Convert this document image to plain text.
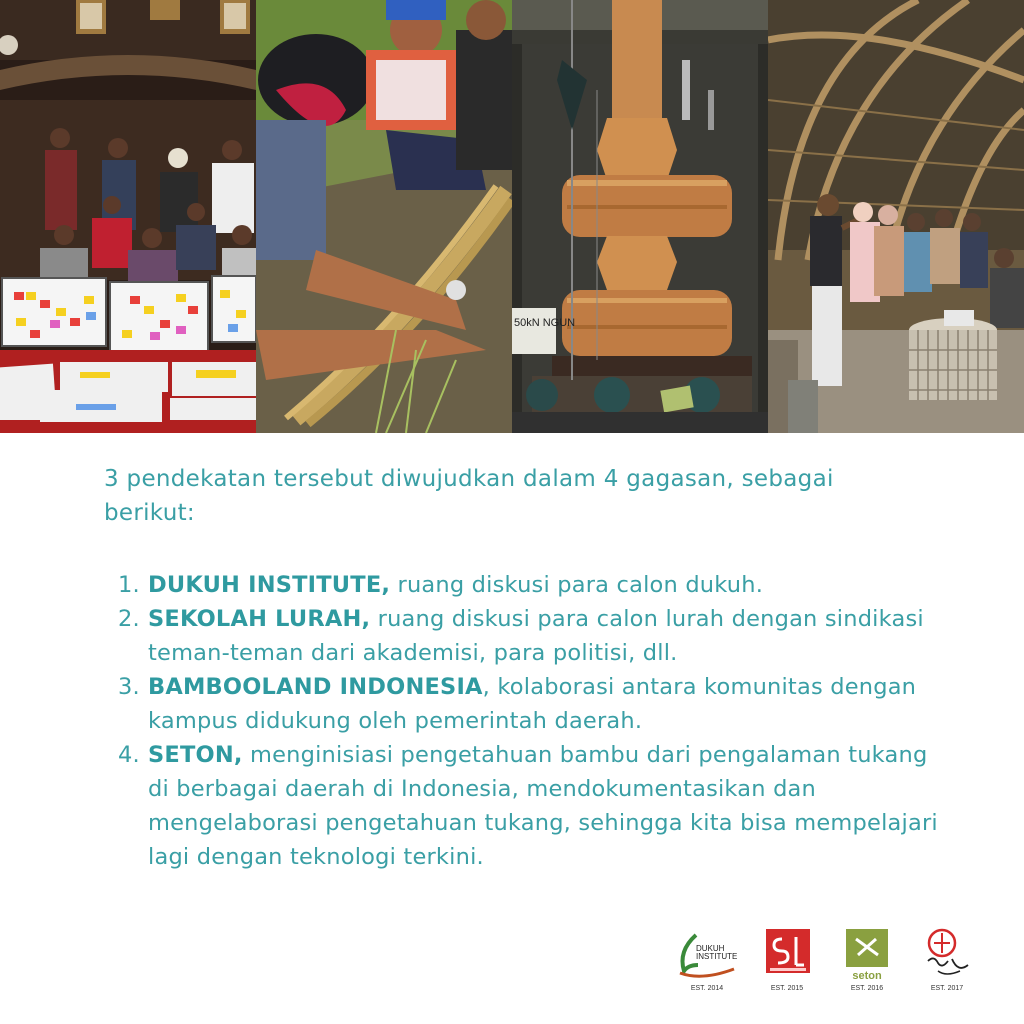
50kN NGUN
3 pendekatan tersebut diwujudkan dalam 4 gagasan, sebagai berikut:
1. DUKUH INSTITUTE, ruang diskusi para calon dukuh.
2. SEKOLAH LURAH, ruang diskusi para calon lurah dengan sindikasi teman-teman dari akademisi, para politisi, dll.
3. BAMBOOLAND INDONESIA, kolaborasi antara komunitas dengan kampus didukung oleh pemerintah daerah.
4. SETON, menginisiasi pengetahuan bambu dari pengalaman tukang di berbagai daerah di Indonesia, mendokumentasikan dan mengelaborasi pengetahuan tukang, sehingga kita bisa mempelajari lagi dengan teknologi terkini.
DUKUH
INSTITUTE
EST. 2014	EST. 2015
seton
EST. 2016	EST. 2017
